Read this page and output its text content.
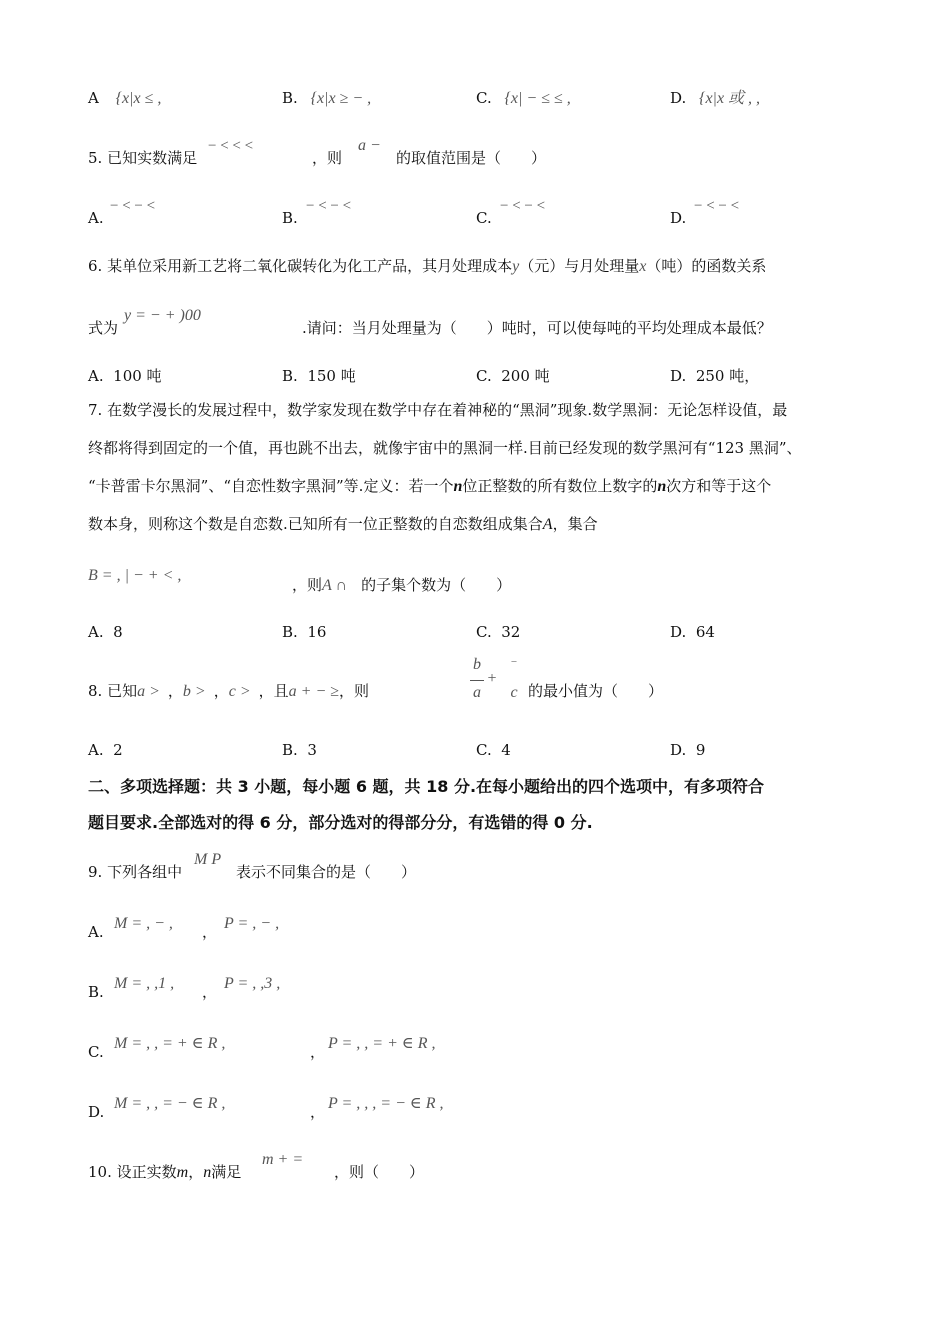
A {x|x ≤ ,	B. {x|x ≥ − ,	C. {x| − ≤ ≤ ,	D. {x|x 或 , ,
5. 已知实数满足
− < < <
，则
a −
的取值范围是（　　）
A.
− < − <
B.
− < − <
C.
− < − <
D.
− < − <
6. 某单位采用新工艺将二氧化碳转化为化工产品，其月处理成本y（元）与月处理量x（吨）的函数关系
式为
y = − + )00
.请问：当月处理量为（　　）吨时，可以使每吨的平均处理成本最低？
A. 100 吨	B. 150 吨	C. 200 吨	D. 250 吨，
7. 在数学漫长的发展过程中，数学家发现在数学中存在着神秘的“黑洞”现象.数学黑洞：无论怎样设值，最
终都将得到固定的一个值，再也跳不出去，就像宇宙中的黑洞一样.目前已经发现的数学黑河有“123 黑洞”、
“卡普雷卡尔黑洞”、“自恋性数字黑洞”等.定义：若一个n位正整数的所有数位上数字的n次方和等于这个
数本身，则称这个数是自恋数.已知所有一位正整数的自恋数组成集合A，集合
B = , | − + < ,
，则A ∩ 的子集个数为（　　）
A. 8	B. 16	C. 32	D. 64
8. 已知a > ，b > ，c > ，且a + − ≥，则
b
a
+
−
c 的最小值为（　　）
A. 2	B. 3	C. 4	D. 9
二、多项选择题：共 3 小题，每小题 6 题，共 18 分.在每小题给出的四个选项中，有多项符合
题目要求.全部选对的得 6 分，部分选对的得部分分，有选错的得 0 分.
9. 下列各组中
M P
表示不同集合的是（　　）
A. M = , − , ， P = , − ,
B. M = , ,1 , ， P = , ,3 ,
C. M = , , = + ∈ R ,	， P = , , = + ∈ R ,
D. M = , , = − ∈ R ,	， P = , , , = − ∈ R ,
10. 设正实数m，n满足
m + =
，则（　　）
